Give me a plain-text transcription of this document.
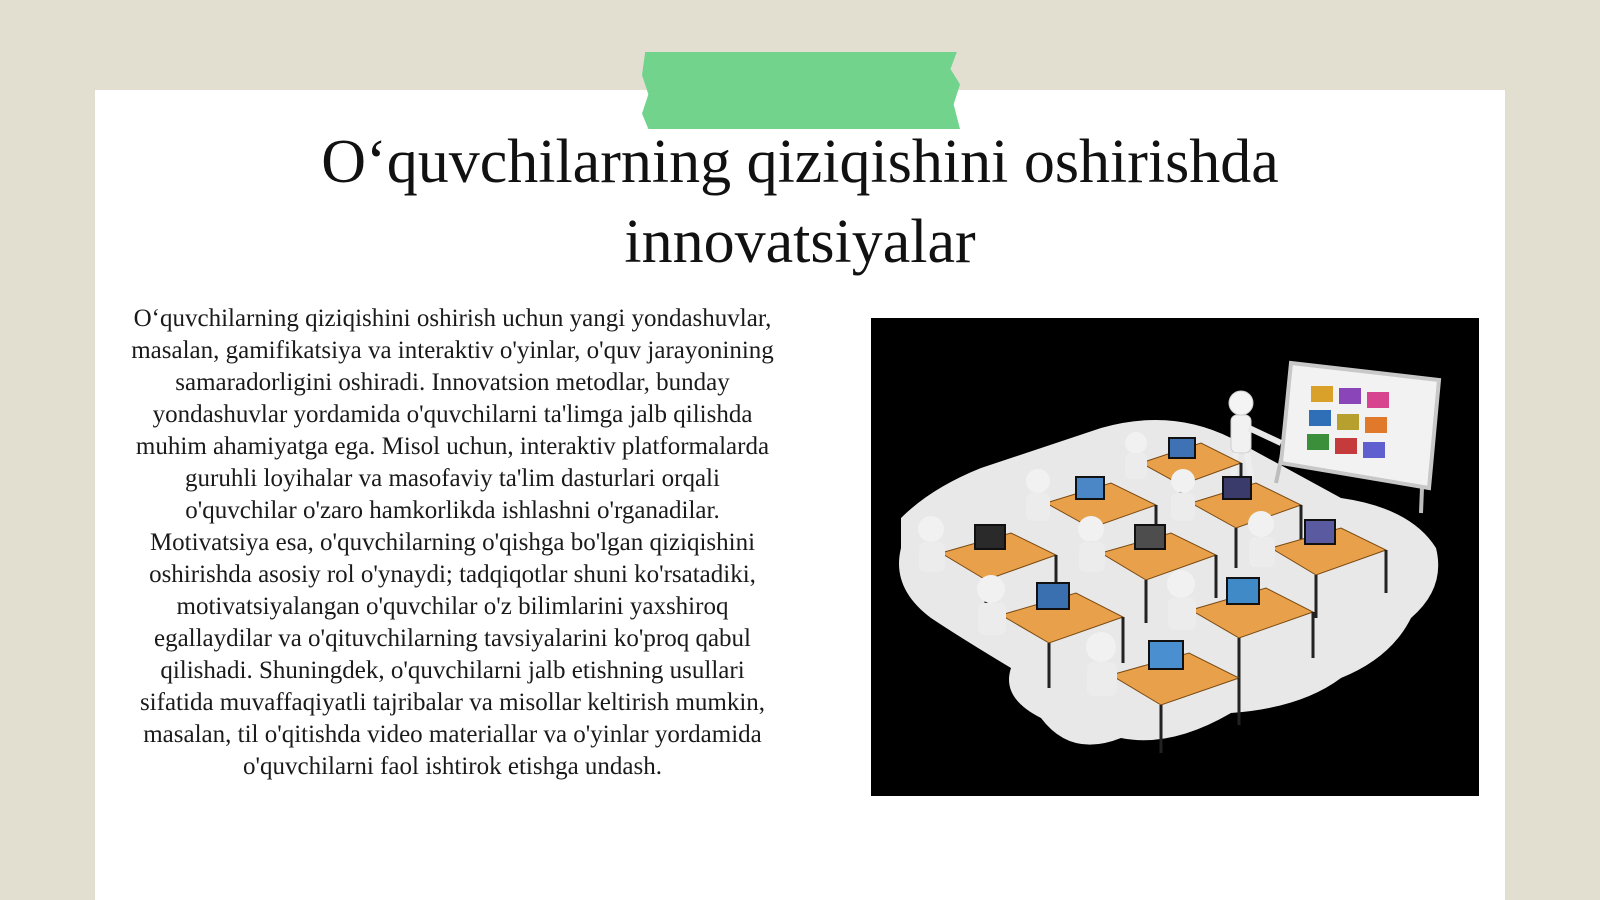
O‘quvchilarning qiziqishini oshirishda innovatsiyalar

O‘quvchilarning qiziqishini oshirish uchun yangi yondashuvlar, masalan, gamifikatsiya va interaktiv o'yinlar, o'quv jarayonining samaradorligini oshiradi. Innovatsion metodlar, bunday yondashuvlar yordamida o'quvchilarni ta'limga jalb qilishda muhim ahamiyatga ega. Misol uchun, interaktiv platformalarda guruhli loyihalar va masofaviy ta'lim dasturlari orqali o'quvchilar o'zaro hamkorlikda ishlashni o'rganadilar. Motivatsiya esa, o'quvchilarning o'qishga bo'lgan qiziqishini oshirishda asosiy rol o'ynaydi; tadqiqotlar shuni ko'rsatadiki, motivatsiyalangan o'quvchilar o'z bilimlarini yaxshiroq egallaydilar va o'qituvchilarning tavsiyalarini ko'proq qabul qilishadi. Shuningdek, o'quvchilarni jalb etishning usullari sifatida muvaffaqiyatli tajribalar va misollar keltirish mumkin, masalan, til o'qitishda video materiallar va o'yinlar yordamida o'quvchilarni faol ishtirok etishga undash.
